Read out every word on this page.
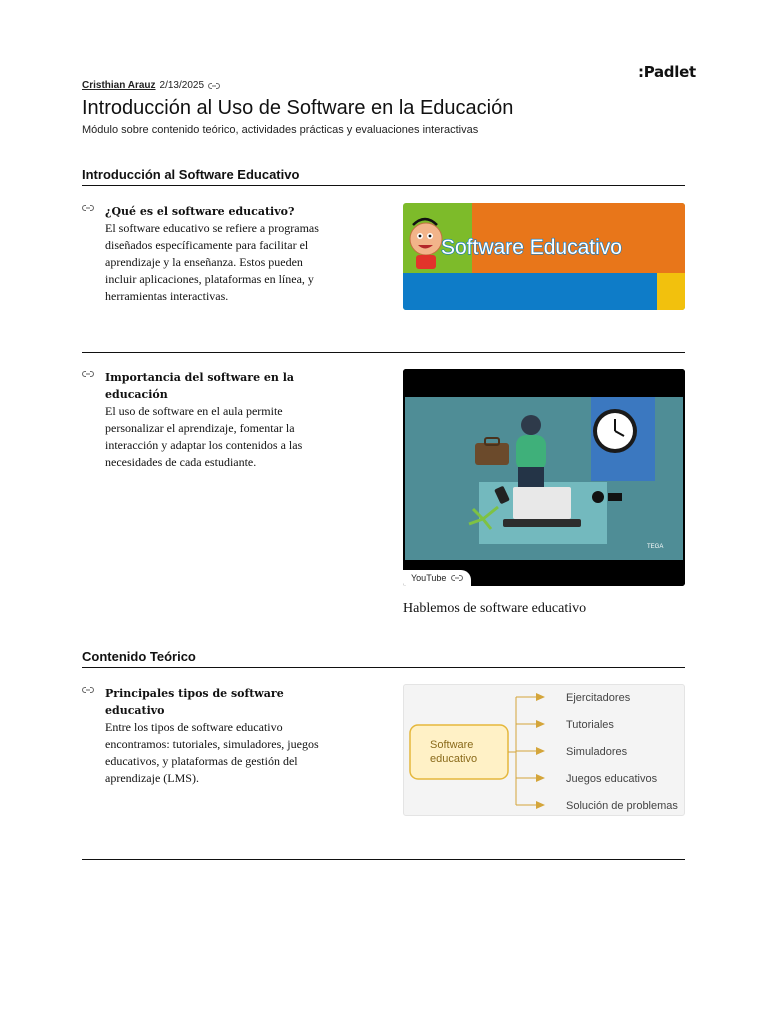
:Padlet
Cristhian Arauz 2/13/2025
Introducción al Uso de Software en la Educación
Módulo sobre contenido teórico, actividades prácticas y evaluaciones interactivas
Introducción al Software Educativo
¿Qué es el software educativo?
El software educativo se refiere a programas diseñados específicamente para facilitar el aprendizaje y la enseñanza. Estos pueden incluir aplicaciones, plataformas en línea, y herramientas interactivas.
Software Educativo
Importancia del software en la educación
El uso de software en el aula permite personalizar el aprendizaje, fomentar la interacción y adaptar los contenidos a las necesidades de cada estudiante.
TEGA
YouTube
Hablemos de software educativo
Contenido Teórico
Principales tipos de software educativo
Entre los tipos de software educativo encontramos: tutoriales, simuladores, juegos educativos, y plataformas de gestión del aprendizaje (LMS).
Software
educativo
Ejercitadores
Tutoriales
Simuladores
Juegos educativos
Solución de problemas
